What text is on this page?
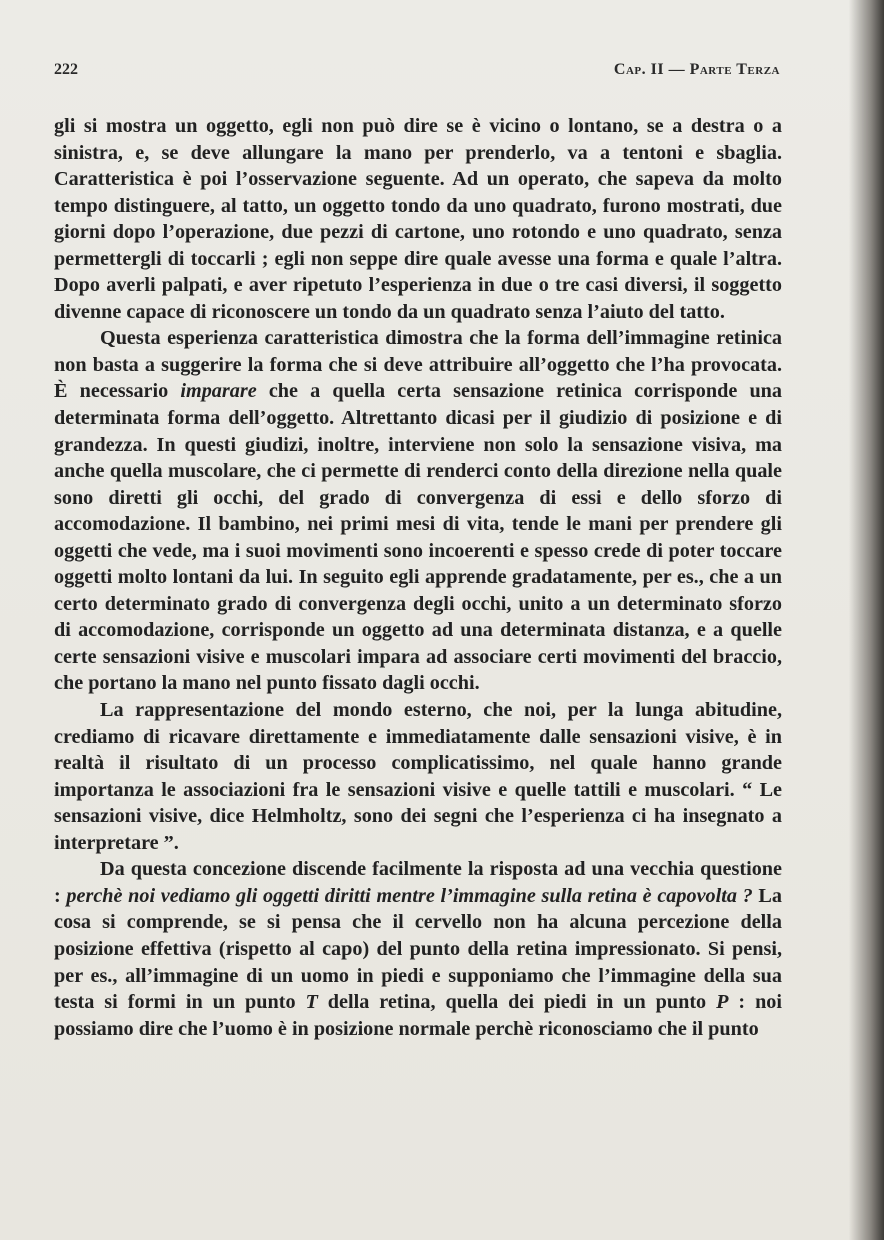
222	Cap. II — Parte Terza

gli si mostra un oggetto, egli non può dire se è vicino o lontano, se a destra o a sinistra, e, se deve allungare la mano per prenderlo, va a tentoni e sbaglia. Caratteristica è poi l’osservazione seguente. Ad un operato, che sapeva da molto tempo distinguere, al tatto, un oggetto tondo da uno quadrato, furono mostrati, due giorni dopo l’operazione, due pezzi di cartone, uno rotondo e uno quadrato, senza permettergli di toccarli ; egli non seppe dire quale avesse una forma e quale l’altra. Dopo averli palpati, e aver ripetuto l’esperienza in due o tre casi diversi, il soggetto divenne capace di riconoscere un tondo da un quadrato senza l’aiuto del tatto.

Questa esperienza caratteristica dimostra che la forma dell’immagine retinica non basta a suggerire la forma che si deve attribuire all’oggetto che l’ha provocata. È necessario imparare che a quella certa sensazione retinica corrisponde una determinata forma dell’oggetto. Altrettanto dicasi per il giudizio di posizione e di grandezza. In questi giudizi, inoltre, interviene non solo la sensazione visiva, ma anche quella muscolare, che ci permette di renderci conto della direzione nella quale sono diretti gli occhi, del grado di convergenza di essi e dello sforzo di accomodazione. Il bambino, nei primi mesi di vita, tende le mani per prendere gli oggetti che vede, ma i suoi movimenti sono incoerenti e spesso crede di poter toccare oggetti molto lontani da lui. In seguito egli apprende gradatamente, per es., che a un certo determinato grado di convergenza degli occhi, unito a un determinato sforzo di accomodazione, corrisponde un oggetto ad una determinata distanza, e a quelle certe sensazioni visive e muscolari impara ad associare certi movimenti del braccio, che portano la mano nel punto fissato dagli occhi.

La rappresentazione del mondo esterno, che noi, per la lunga abitudine, crediamo di ricavare direttamente e immediatamente dalle sensazioni visive, è in realtà il risultato di un processo complicatissimo, nel quale hanno grande importanza le associazioni fra le sensazioni visive e quelle tattili e muscolari. “ Le sensazioni visive, dice Helmholtz, sono dei segni che l’esperienza ci ha insegnato a interpretare ”.

Da questa concezione discende facilmente la risposta ad una vecchia questione : perchè noi vediamo gli oggetti diritti mentre l’immagine sulla retina è capovolta ? La cosa si comprende, se si pensa che il cervello non ha alcuna percezione della posizione effettiva (rispetto al capo) del punto della retina impressionato. Si pensi, per es., all’immagine di un uomo in piedi e supponiamo che l’immagine della sua testa si formi in un punto T della retina, quella dei piedi in un punto P : noi possiamo dire che l’uomo è in posizione normale perchè riconosciamo che il punto
